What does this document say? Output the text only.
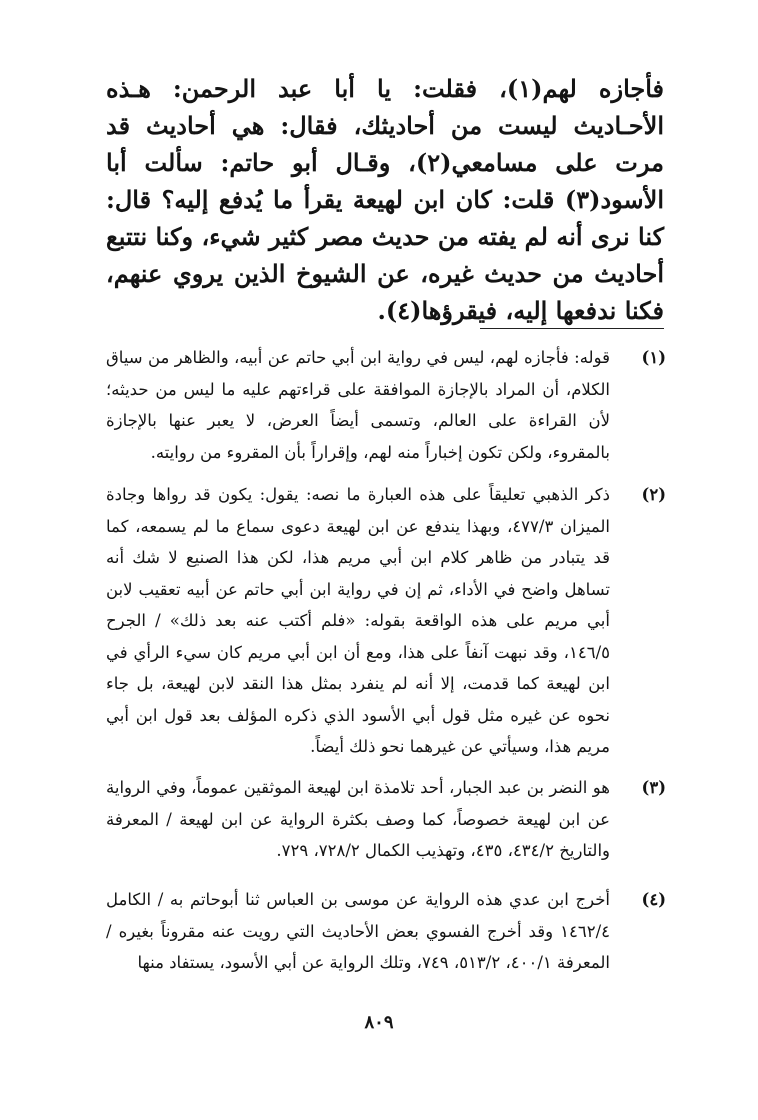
فأجازه لهم(١)، فقلت: يا أبا عبد الرحمن: هـذه الأحـاديث ليست من أحاديثك، فقال: هي أحاديث قد مرت على مسامعي(٢)، وقـال أبو حاتم: سألت أبا الأسود(٣) قلت: كان ابن لهيعة يقرأ ما يُدفع إليه؟ قال: كنا نرى أنه لم يفته من حديث مصر كثير شيء، وكنا نتتبع أحاديث من حديث غيره، عن الشيوخ الذين يروي عنهم، فكنا ندفعها إليه، فيقرؤها(٤).

(١)
قوله: فأجازه لهم، ليس في رواية ابن أبي حاتم عن أبيه، والظاهر من سياق الكلام، أن المراد بالإجازة الموافقة على قراءتهم عليه ما ليس من حديثه؛ لأن القراءة على العالم، وتسمى أيضاً العرض، لا يعبر عنها بالإجازة بالمقروء، ولكن تكون إخباراً منه لهم، وإقراراً بأن المقروء من روايته.
(٢)
ذكر الذهبي تعليقاً على هذه العبارة ما نصه: يقول: يكون قد رواها وجادة الميزان ٤٧٧/٣، وبهذا يندفع عن ابن لهيعة دعوى سماع ما لم يسمعه، كما قد يتبادر من ظاهر كلام ابن أبي مريم هذا، لكن هذا الصنيع لا شك أنه تساهل واضح في الأداء، ثم إن في رواية ابن أبي حاتم عن أبيه تعقيب لابن أبي مريم على هذه الواقعة بقوله: «فلم أكتب عنه بعد ذلك» / الجرح ١٤٦/٥، وقد نبهت آنفاً على هذا، ومع أن ابن أبي مريم كان سيء الرأي في ابن لهيعة كما قدمت، إلا أنه لم ينفرد بمثل هذا النقد لابن لهيعة، بل جاء نحوه عن غيره مثل قول أبي الأسود الذي ذكره المؤلف بعد قول ابن أبي مريم هذا، وسيأتي عن غيرهما نحو ذلك أيضاً.
(٣)
هو النضر بن عبد الجبار، أحد تلامذة ابن لهيعة الموثقين عموماً، وفي الرواية عن ابن لهيعة خصوصاً، كما وصف بكثرة الرواية عن ابن لهيعة / المعرفة والتاريخ ٤٣٤/٢، ٤٣٥، وتهذيب الكمال ٧٢٨/٢، ٧٢٩.
(٤)
أخرج ابن عدي هذه الرواية عن موسى بن العباس ثنا أبوحاتم به / الكامل ١٤٦٢/٤ وقد أخرج الفسوي بعض الأحاديث التي رويت عنه مقروناً بغيره / المعرفة ٤٠٠/١، ٥١٣/٢، ٧٤٩، وتلك الرواية عن أبي الأسود، يستفاد منها
٨٠٩
